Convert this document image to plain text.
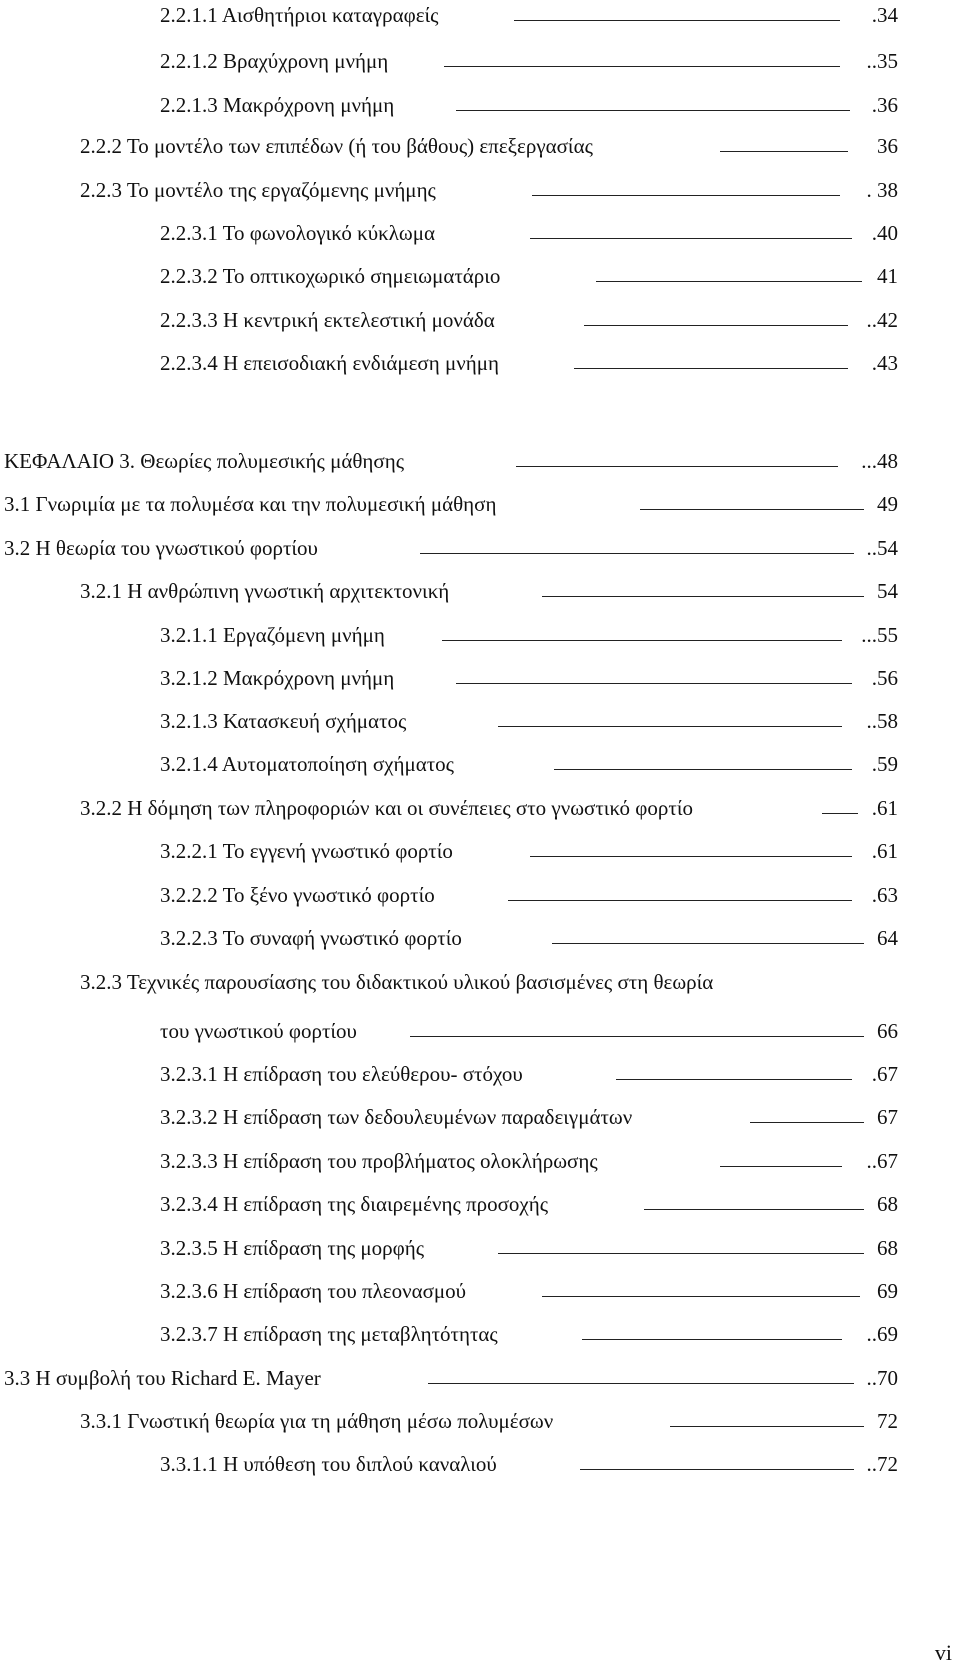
2.2.1.1 Αισθητήριοι καταγραφείς	.34
2.2.1.2 Βραχύχρονη μνήμη	..35
2.2.1.3 Μακρόχρονη μνήμη	.36
2.2.2 Το μοντέλο των επιπέδων (ή του βάθους) επεξεργασίας	36
2.2.3 Το μοντέλο της εργαζόμενης μνήμης	. 38
2.2.3.1 Το φωνολογικό κύκλωμα	.40
2.2.3.2 Το οπτικοχωρικό σημειωματάριο	41
2.2.3.3 Η κεντρική εκτελεστική μονάδα	..42
2.2.3.4 Η επεισοδιακή ενδιάμεση μνήμη	.43
ΚΕΦΑΛΑΙΟ 3. Θεωρίες πολυμεσικής μάθησης	...48
3.1 Γνωριμία με τα πολυμέσα και την πολυμεσική μάθηση	49
3.2 Η θεωρία του γνωστικού φορτίου	..54
3.2.1 Η ανθρώπινη γνωστική αρχιτεκτονική	54
3.2.1.1 Εργαζόμενη μνήμη	...55
3.2.1.2 Μακρόχρονη μνήμη	.56
3.2.1.3 Κατασκευή σχήματος	..58
3.2.1.4 Αυτοματοποίηση σχήματος	.59
3.2.2 Η δόμηση των πληροφοριών και οι συνέπειες στο γνωστικό φορτίο	.61
3.2.2.1 Το εγγενή γνωστικό φορτίο	.61
3.2.2.2 Το ξένο γνωστικό φορτίο	.63
3.2.2.3 Το συναφή γνωστικό φορτίο	64
3.2.3 Τεχνικές παρουσίασης του διδακτικού υλικού βασισμένες στη θεωρία
του γνωστικού φορτίου	66
3.2.3.1 Η επίδραση του ελεύθερου- στόχου	.67
3.2.3.2 Η επίδραση των δεδουλευμένων παραδειγμάτων	67
3.2.3.3 Η επίδραση του προβλήματος ολοκλήρωσης	..67
3.2.3.4 Η επίδραση της διαιρεμένης προσοχής	68
3.2.3.5 Η επίδραση της μορφής	68
3.2.3.6 Η επίδραση του πλεονασμού	69
3.2.3.7 Η επίδραση της μεταβλητότητας	..69
3.3 Η συμβολή του Richard E. Mayer	..70
3.3.1 Γνωστική θεωρία για τη μάθηση μέσω πολυμέσων	72
3.3.1.1 Η υπόθεση του διπλού καναλιού	..72
vi
